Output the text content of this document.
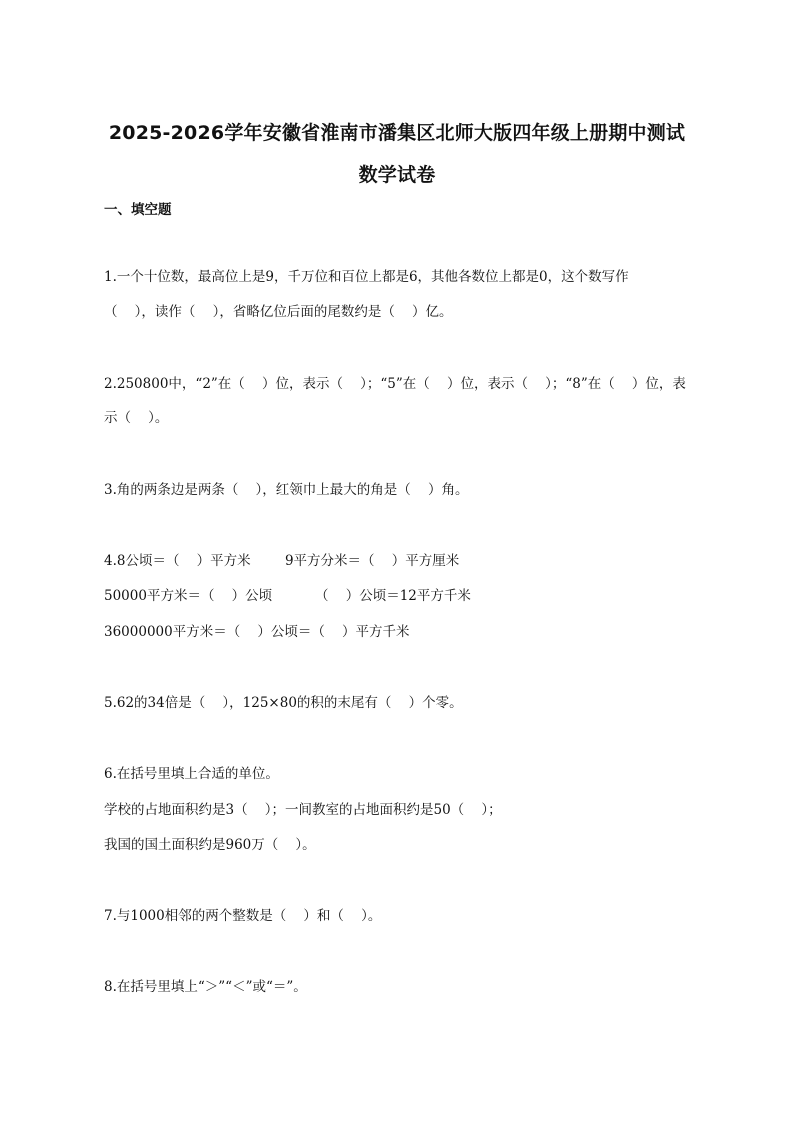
2025-2026学年安徽省淮南市潘集区北师大版四年级上册期中测试
数学试卷

一、填空题

1.一个十位数，最高位上是9，千万位和百位上都是6，其他各数位上都是0，这个数写作

（    ），读作（    ），省略亿位后面的尾数约是（    ）亿。

2.250800中，“2”在（    ）位，表示（    ）；“5”在（    ）位，表示（    ）；“8”在（    ）位，表

示（    ）。

3.角的两条边是两条（    ），红领巾上最大的角是（    ）角。

4.8公顷＝（    ）平方米        9平方分米＝（    ）平方厘米

50000平方米＝（    ）公顷          （    ）公顷＝12平方千米

36000000平方米＝（    ）公顷＝（    ）平方千米

5.62的34倍是（    ），125×80的积的末尾有（    ）个零。

6.在括号里填上合适的单位。

学校的占地面积约是3（    ）；一间教室的占地面积约是50（    ）；

我国的国土面积约是960万（    ）。

7.与1000相邻的两个整数是（    ）和（    ）。

8.在括号里填上“＞”“＜”或“＝”。
